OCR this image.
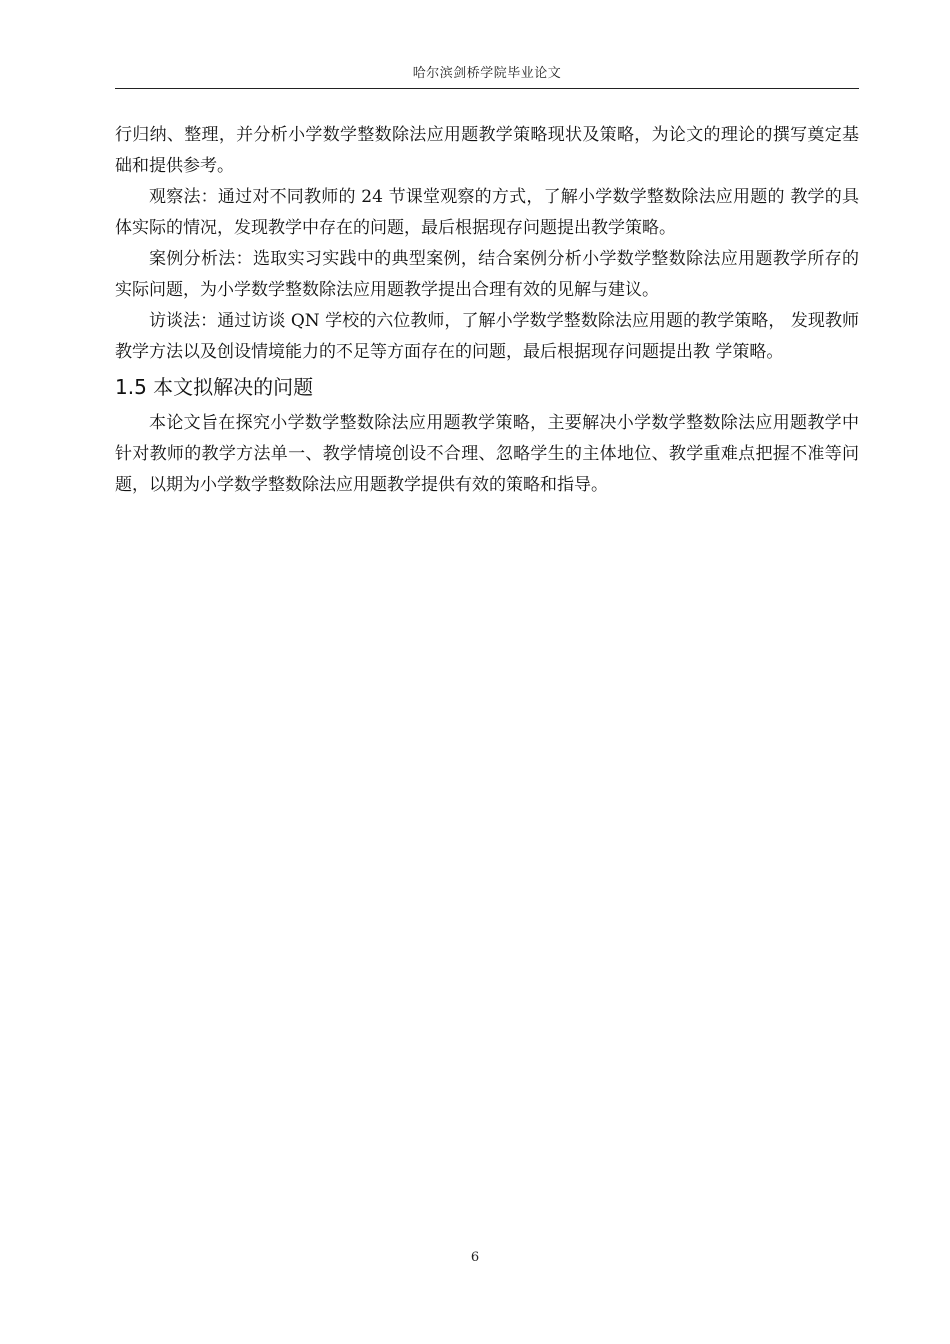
哈尔滨剑桥学院毕业论文

行归纳、整理，并分析小学数学整数除法应用题教学策略现状及策略，为论文的理论的撰写奠定基础和提供参考。

观察法：通过对不同教师的 24 节课堂观察的方式，了解小学数学整数除法应用题的 教学的具体实际的情况，发现教学中存在的问题，最后根据现存问题提出教学策略。

案例分析法：选取实习实践中的典型案例，结合案例分析小学数学整数除法应用题教学所存的实际问题，为小学数学整数除法应用题教学提出合理有效的见解与建议。

访谈法：通过访谈 QN 学校的六位教师，了解小学数学整数除法应用题的教学策略， 发现教师教学方法以及创设情境能力的不足等方面存在的问题，最后根据现存问题提出教 学策略。

1.5 本文拟解决的问题

本论文旨在探究小学数学整数除法应用题教学策略，主要解决小学数学整数除法应用题教学中针对教师的教学方法单一、教学情境创设不合理、忽略学生的主体地位、教学重难点把握不准等问题，以期为小学数学整数除法应用题教学提供有效的策略和指导。

6
